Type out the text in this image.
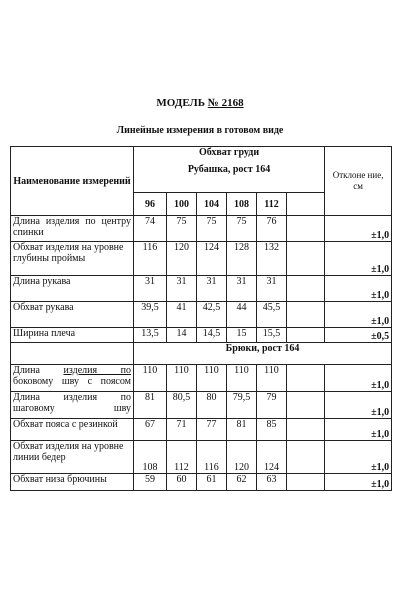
МОДЕЛЬ № 2168
Линейные измерения в готовом виде
Наименование измерений	Обхват груди
Рубашка, рост 164						Отклоне ние, см
	96	100	104	108	112		
Длина изделия по центру спинки	74	75	75	75	76		±1,0
Обхват изделия на уровне глубины проймы	116	120	124	128	132		±1,0
Длина рукава	31	31	31	31	31		±1,0
Обхват рукава	39,5	41	42,5	44	45,5		±1,0
Ширина плеча	13,5	14	14,5	15	15,5		±0,5
	Брюки, рост 164						
Длина изделия по боковому шву с поясом	110	110	110	110	110		±1,0
Длина изделия по шаговому шву	81	80,5	80	79,5	79		±1,0
Обхват пояса с резинкой	67	71	77	81	85		±1,0
Обхват изделия на уровне линии бедер	108	112	116	120	124		±1,0
Обхват низа брючины	59	60	61	62	63		±1,0
